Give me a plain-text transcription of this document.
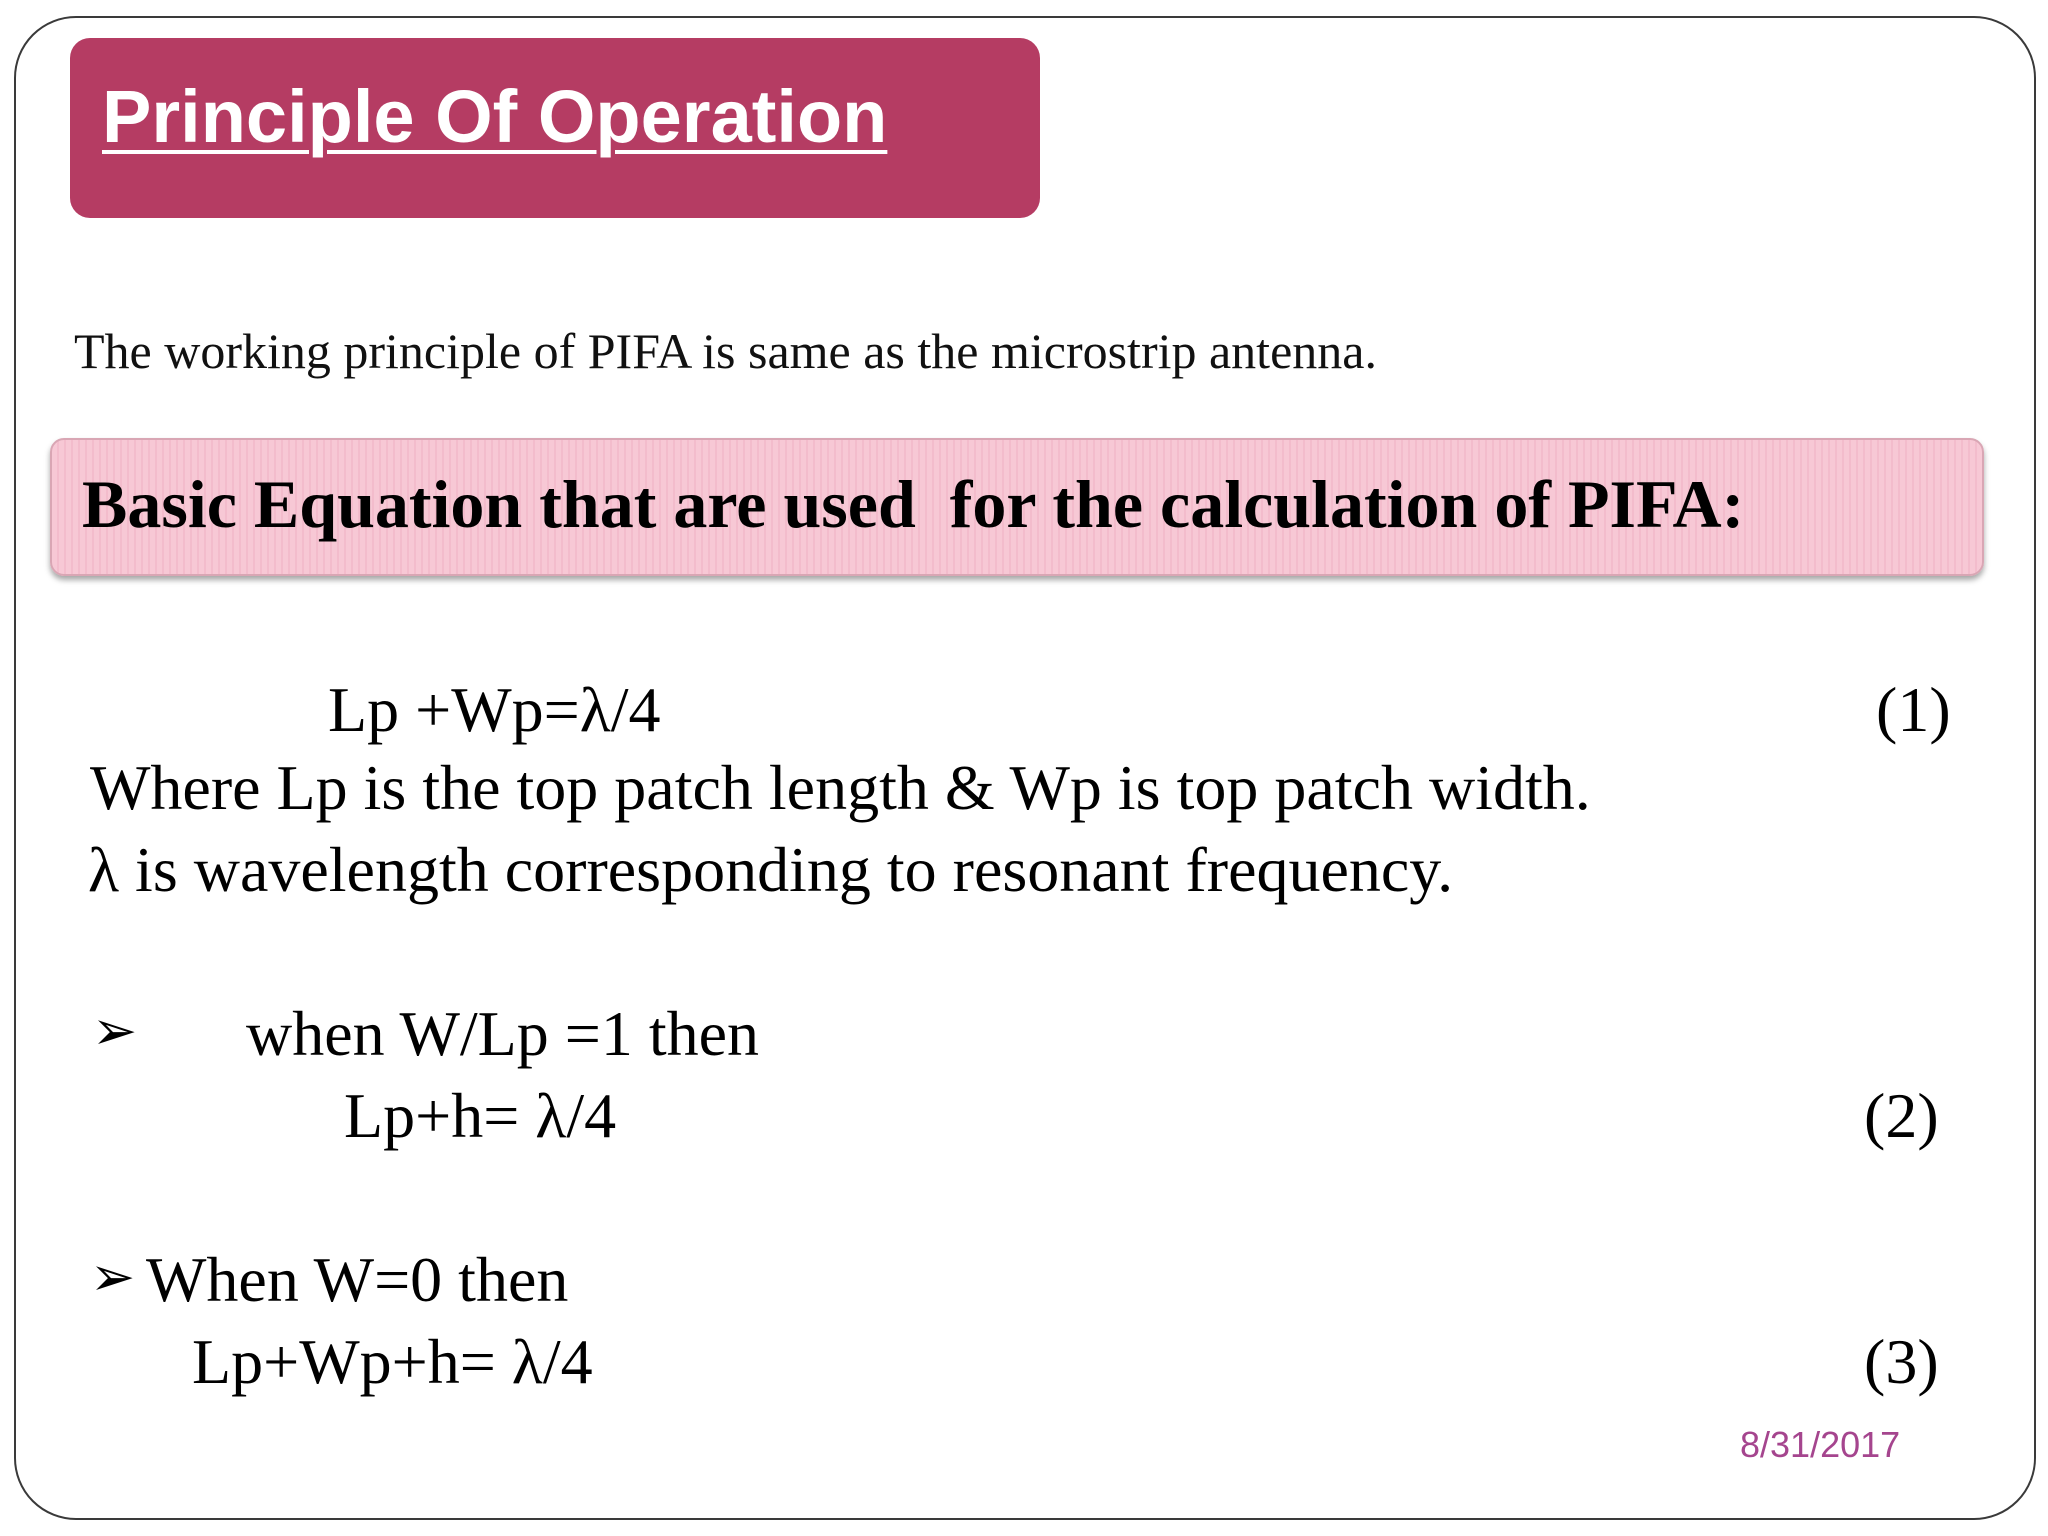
Principle Of Operation

The working principle of PIFA is same as the microstrip antenna.

Basic Equation that are used  for the calculation of PIFA:

Lp +Wp=λ/4	(1)

Where Lp is the top patch length & Wp is top patch width.

λ is wavelength corresponding to resonant frequency.

➢ when W/Lp =1 then

Lp+h= λ/4	(2)

➢ When W=0 then

Lp+Wp+h= λ/4	(3)

8/31/2017
